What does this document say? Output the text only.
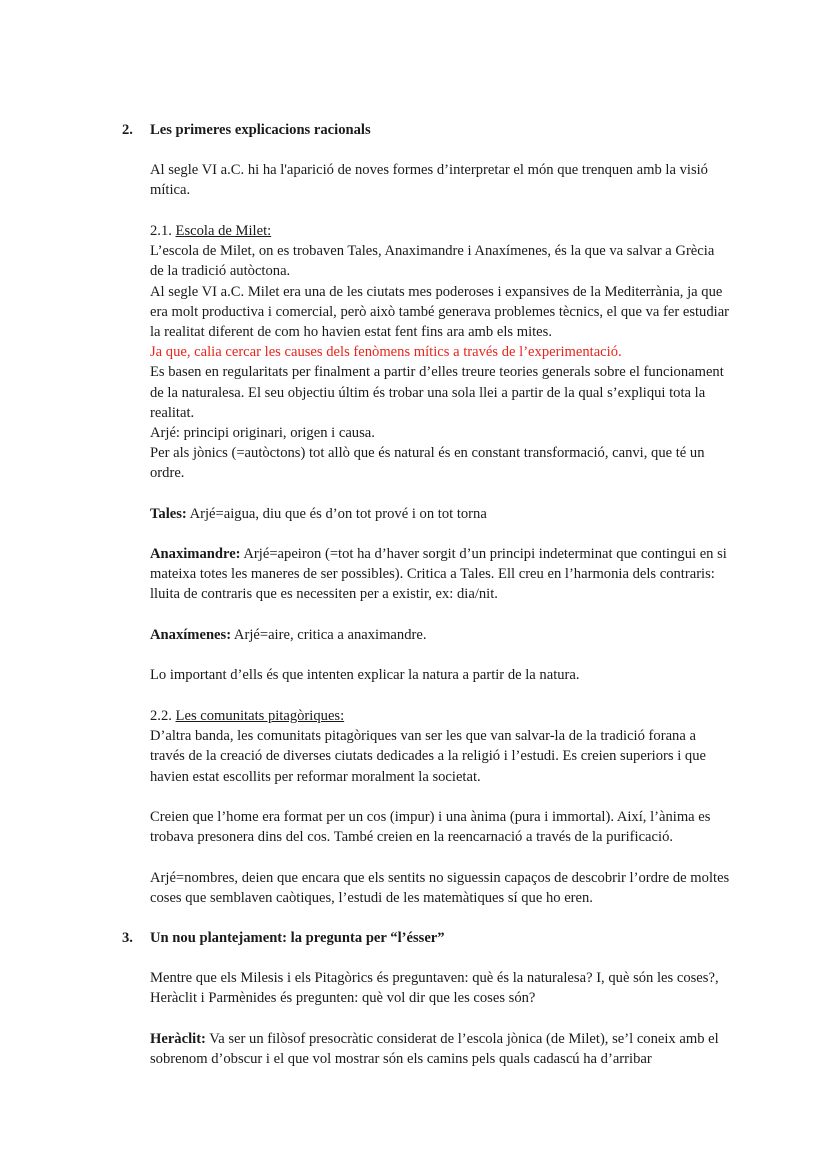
2. Les primeres explicacions racionals

Al segle VI a.C. hi ha l'aparició de noves formes d’interpretar el món que trenquen amb la visió mítica.

2.1. Escola de Milet:

L’escola de Milet, on es trobaven Tales, Anaximandre i Anaxímenes, és la que va salvar a Grècia de la tradició autòctona.

Al segle VI a.C. Milet era una de les ciutats mes poderoses i expansives de la Mediterrània, ja que era molt productiva i comercial, però això també generava problemes tècnics, el que va fer estudiar la realitat diferent de com ho havien estat fent fins ara amb els mites.

Ja que, calia cercar les causes dels fenòmens mítics a través de l’experimentació.

Es basen en regularitats per finalment a partir d’elles treure teories generals sobre el funcionament de la naturalesa. El seu objectiu últim és trobar una sola llei a partir de la qual s’expliqui tota la realitat.

Arjé: principi originari, origen i causa.

Per als jònics (=autòctons) tot allò que és natural és en constant transformació, canvi, que té un ordre.

Tales: Arjé=aigua, diu que és d’on tot prové i on tot torna

Anaximandre: Arjé=apeiron (=tot ha d’haver sorgit d’un principi indeterminat que contingui en si mateixa totes les maneres de ser possibles). Critica a Tales. Ell creu en l’harmonia dels contraris: lluita de contraris que es necessiten per a existir, ex: dia/nit.

Anaxímenes: Arjé=aire, critica a anaximandre.

Lo important d’ells és que intenten explicar la natura a partir de la natura.

2.2. Les comunitats pitagòriques:

D’altra banda, les comunitats pitagòriques van ser les que van salvar-la de la tradició forana a través de la creació de diverses ciutats dedicades a la religió i l’estudi. Es creien superiors i que havien estat escollits per reformar moralment la societat.

Creien que l’home era format per un cos (impur) i una ànima (pura i immortal). Així, l’ànima es trobava presonera dins del cos. També creien en la reencarnació a través de la purificació.

Arjé=nombres, deien que encara que els sentits no siguessin capaços de descobrir l’ordre de moltes coses que semblaven caòtiques, l’estudi de les matemàtiques sí que ho eren.

3. Un nou plantejament: la pregunta per “l’ésser”

Mentre que els Milesis i els Pitagòrics és preguntaven: què és la naturalesa? I, què són les coses?, Heràclit i Parmènides és pregunten: què vol dir que les coses són?

Heràclit: Va ser un filòsof presocràtic considerat de l’escola jònica (de Milet), se’l coneix amb el sobrenom d’obscur i el que vol mostrar són els camins pels quals cadascú ha d’arribar
